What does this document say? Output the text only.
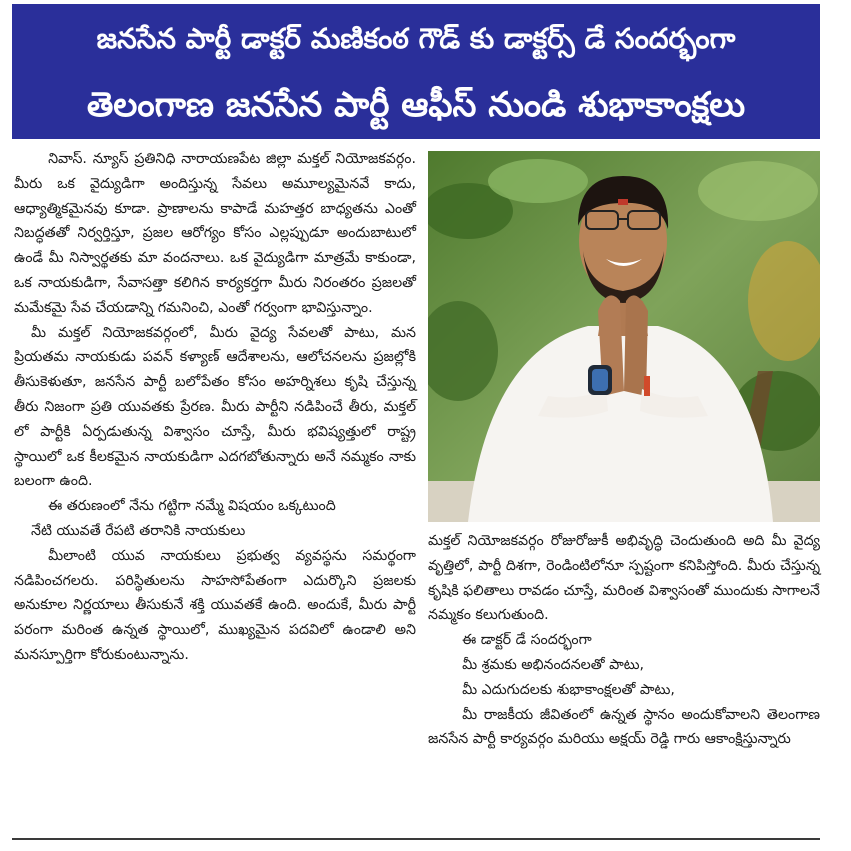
జనసేన పార్టీ డాక్టర్ మణికంఠ గౌడ్ కు డాక్టర్స్ డే సందర్భంగా
తెలంగాణ జనసేన పార్టీ ఆఫీస్ నుండి శుభాకాంక్షలు

నివాస్. న్యూస్ ప్రతినిధి నారాయణపేట జిల్లా మక్తల్ నియోజకవర్గం. మీరు ఒక వైద్యుడిగా అందిస్తున్న సేవలు అమూల్యమైనవే కాదు, ఆధ్యాత్మికమైనవు కూడా. ప్రాణాలను కాపాడే మహత్తర బాధ్యతను ఎంతో నిబద్ధతతో నిర్వర్తిస్తూ, ప్రజల ఆరోగ్యం కోసం ఎల్లప్పుడూ అందుబాటులో ఉండే మీ నిస్వార్థతకు మా వందనాలు. ఒక వైద్యుడిగా మాత్రమే కాకుండా, ఒక నాయకుడిగా, సేవాసత్తా కలిగిన కార్యకర్తగా మీరు నిరంతరం ప్రజలతో మమేకమై సేవ చేయడాన్ని గమనించి, ఎంతో గర్వంగా భావిస్తున్నాం.

మీ మక్తల్ నియోజకవర్గంలో, మీరు వైద్య సేవలతో పాటు, మన ప్రియతమ నాయకుడు పవన్ కళ్యాణ్ ఆదేశాలను, ఆలోచనలను ప్రజల్లోకి తీసుకెళుతూ, జనసేన పార్టీ బలోపేతం కోసం అహర్నిశలు కృషి చేస్తున్న తీరు నిజంగా ప్రతి యువతకు ప్రేరణ. మీరు పార్టీని నడిపించే తీరు, మక్తల్ లో పార్టీకి ఏర్పడుతున్న విశ్వాసం చూస్తే, మీరు భవిష్యత్తులో రాష్ట్ర స్థాయిలో ఒక కీలకమైన నాయకుడిగా ఎదగబోతున్నారు అనే నమ్మకం నాకు బలంగా ఉంది.

ఈ తరుణంలో నేను గట్టిగా నమ్మే విషయం ఒక్కటుంది

నేటి యువతే రేపటి తరానికి నాయకులు

మీలాంటి యువ నాయకులు ప్రభుత్వ వ్యవస్థను సమర్థంగా నడిపించగలరు. పరిస్థితులను సాహసోపేతంగా ఎదుర్కొని ప్రజలకు అనుకూల నిర్ణయాలు తీసుకునే శక్తి యువతకే ఉంది. అందుకే, మీరు పార్టీ పరంగా మరింత ఉన్నత స్థాయిలో, ముఖ్యమైన పదవిలో ఉండాలి అని మనస్పూర్తిగా కోరుకుంటున్నాను.

మక్తల్ నియోజకవర్గం రోజురోజుకీ అభివృద్ధి చెందుతుంది అది మీ వైద్య వృత్తిలో, పార్టీ దిశగా, రెండింటిలోనూ స్పష్టంగా కనిపిస్తోంది. మీరు చేస్తున్న కృషికి ఫలితాలు రావడం చూస్తే, మరింత విశ్వాసంతో ముందుకు సాగాలనే నమ్మకం కలుగుతుంది.

ఈ డాక్టర్ డే సందర్భంగా

మీ శ్రమకు అభినందనలతో పాటు,

మీ ఎదుగుదలకు శుభాకాంక్షలతో పాటు,

మీ రాజకీయ జీవితంలో ఉన్నత స్థానం అందుకోవాలని తెలంగాణ జనసేన పార్టీ కార్యవర్గం మరియు అక్షయ్ రెడ్డి గారు ఆకాంక్షిస్తున్నారు
